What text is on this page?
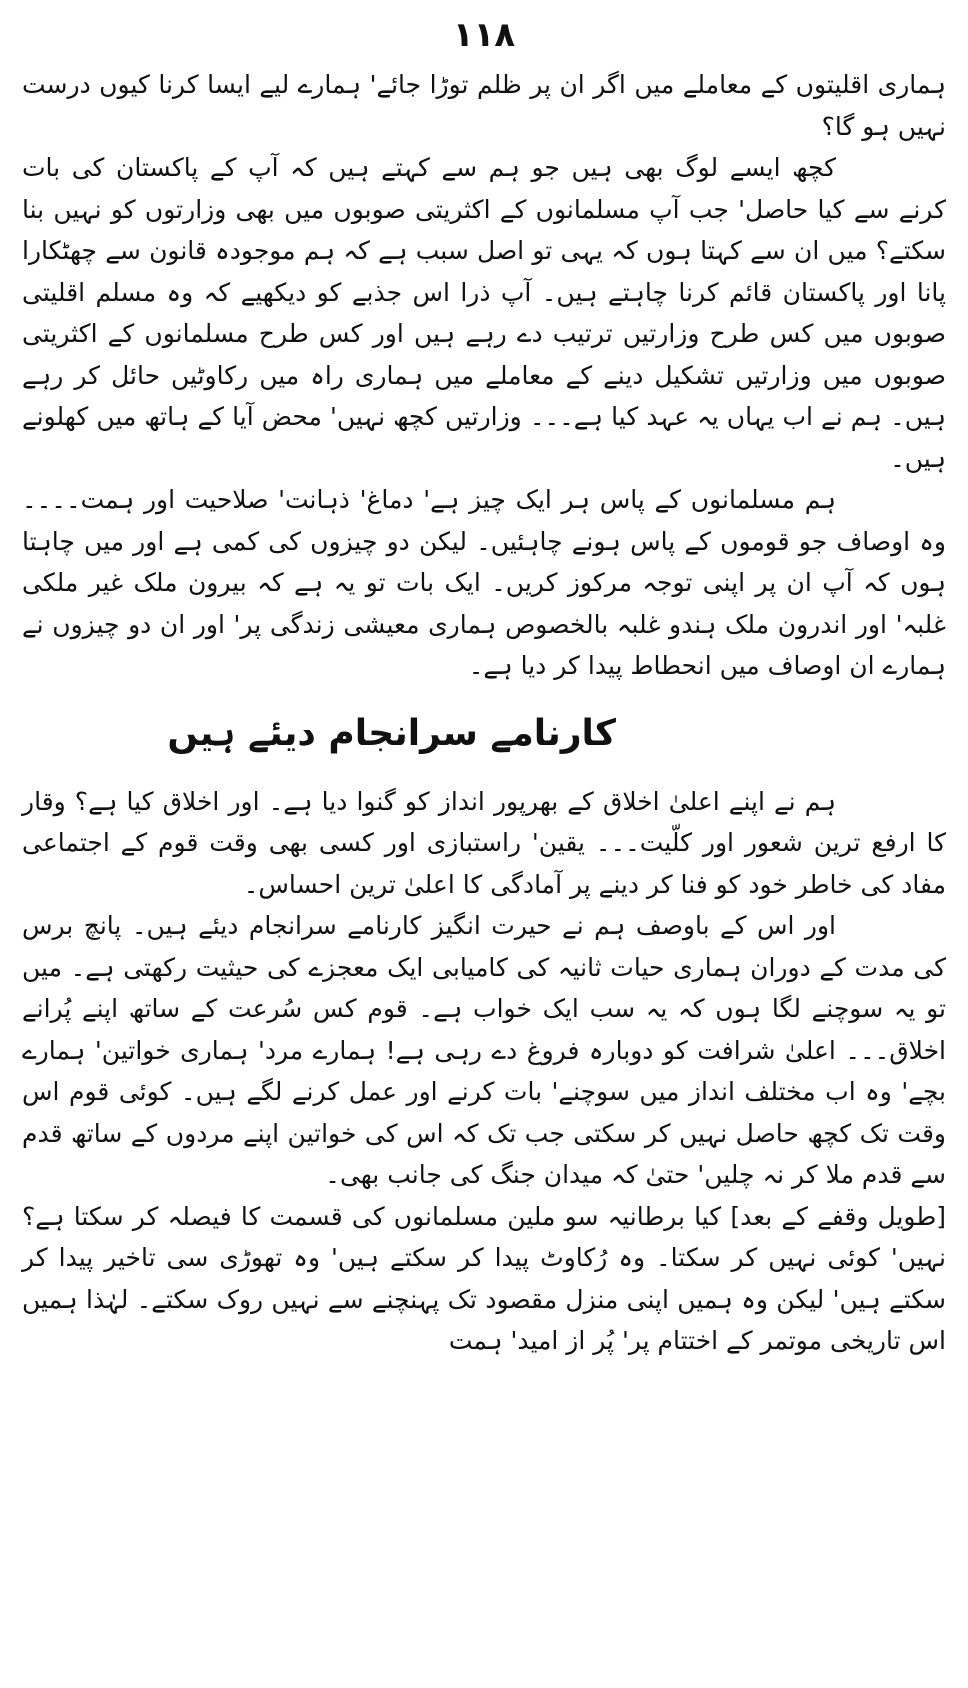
١١٨

ہماری اقلیتوں کے معاملے میں اگر ان پر ظلم توڑا جائے' ہمارے لیے ایسا کرنا کیوں درست نہیں ہو گا؟

کچھ ایسے لوگ بھی ہیں جو ہم سے کہتے ہیں کہ آپ کے پاکستان کی بات کرنے سے کیا حاصل' جب آپ مسلمانوں کے اکثریتی صوبوں میں بھی وزارتوں کو نہیں بنا سکتے؟ میں ان سے کہتا ہوں کہ یہی تو اصل سبب ہے کہ ہم موجودہ قانون سے چھٹکارا پانا اور پاکستان قائم کرنا چاہتے ہیں۔ آپ ذرا اس جذبے کو دیکھیے کہ وہ مسلم اقلیتی صوبوں میں کس طرح وزارتیں ترتیب دے رہے ہیں اور کس طرح مسلمانوں کے اکثریتی صوبوں میں وزارتیں تشکیل دینے کے معاملے میں ہماری راہ میں رکاوٹیں حائل کر رہے ہیں۔ ہم نے اب یہاں یہ عہد کیا ہے۔۔۔ وزارتیں کچھ نہیں' محض آیا کے ہاتھ میں کھلونے ہیں۔

ہم مسلمانوں کے پاس ہر ایک چیز ہے' دماغ' ذہانت' صلاحیت اور ہمت۔۔۔۔ وہ اوصاف جو قوموں کے پاس ہونے چاہئیں۔ لیکن دو چیزوں کی کمی ہے اور میں چاہتا ہوں کہ آپ ان پر اپنی توجہ مرکوز کریں۔ ایک بات تو یہ ہے کہ بیرون ملک غیر ملکی غلبہ' اور اندرون ملک ہندو غلبہ بالخصوص ہماری معیشی زندگی پر' اور ان دو چیزوں نے ہمارے ان اوصاف میں انحطاط پیدا کر دیا ہے۔

کارنامے سرانجام دیئے ہیں

ہم نے اپنے اعلیٰ اخلاق کے بھرپور انداز کو گنوا دیا ہے۔ اور اخلاق کیا ہے؟ وقار کا ارفع ترین شعور اور کلّیت۔۔۔ یقین' راستبازی اور کسی بھی وقت قوم کے اجتماعی مفاد کی خاطر خود کو فنا کر دینے پر آمادگی کا اعلیٰ ترین احساس۔

اور اس کے باوصف ہم نے حیرت انگیز کارنامے سرانجام دیئے ہیں۔ پانچ برس کی مدت کے دوران ہماری حیات ثانیہ کی کامیابی ایک معجزے کی حیثیت رکھتی ہے۔ میں تو یہ سوچنے لگا ہوں کہ یہ سب ایک خواب ہے۔ قوم کس سُرعت کے ساتھ اپنے پُرانے اخلاق۔۔۔ اعلیٰ شرافت کو دوبارہ فروغ دے رہی ہے! ہمارے مرد' ہماری خواتین' ہمارے بچے' وہ اب مختلف انداز میں سوچنے' بات کرنے اور عمل کرنے لگے ہیں۔ کوئی قوم اس وقت تک کچھ حاصل نہیں کر سکتی جب تک کہ اس کی خواتین اپنے مردوں کے ساتھ قدم سے قدم ملا کر نہ چلیں' حتیٰ کہ میدان جنگ کی جانب بھی۔

[طویل وقفے کے بعد] کیا برطانیہ سو ملین مسلمانوں کی قسمت کا فیصلہ کر سکتا ہے؟ نہیں' کوئی نہیں کر سکتا۔ وہ رُکاوٹ پیدا کر سکتے ہیں' وہ تھوڑی سی تاخیر پیدا کر سکتے ہیں' لیکن وہ ہمیں اپنی منزل مقصود تک پہنچنے سے نہیں روک سکتے۔ لہٰذا ہمیں اس تاریخی موتمر کے اختتام پر' پُر از امید' ہمت
